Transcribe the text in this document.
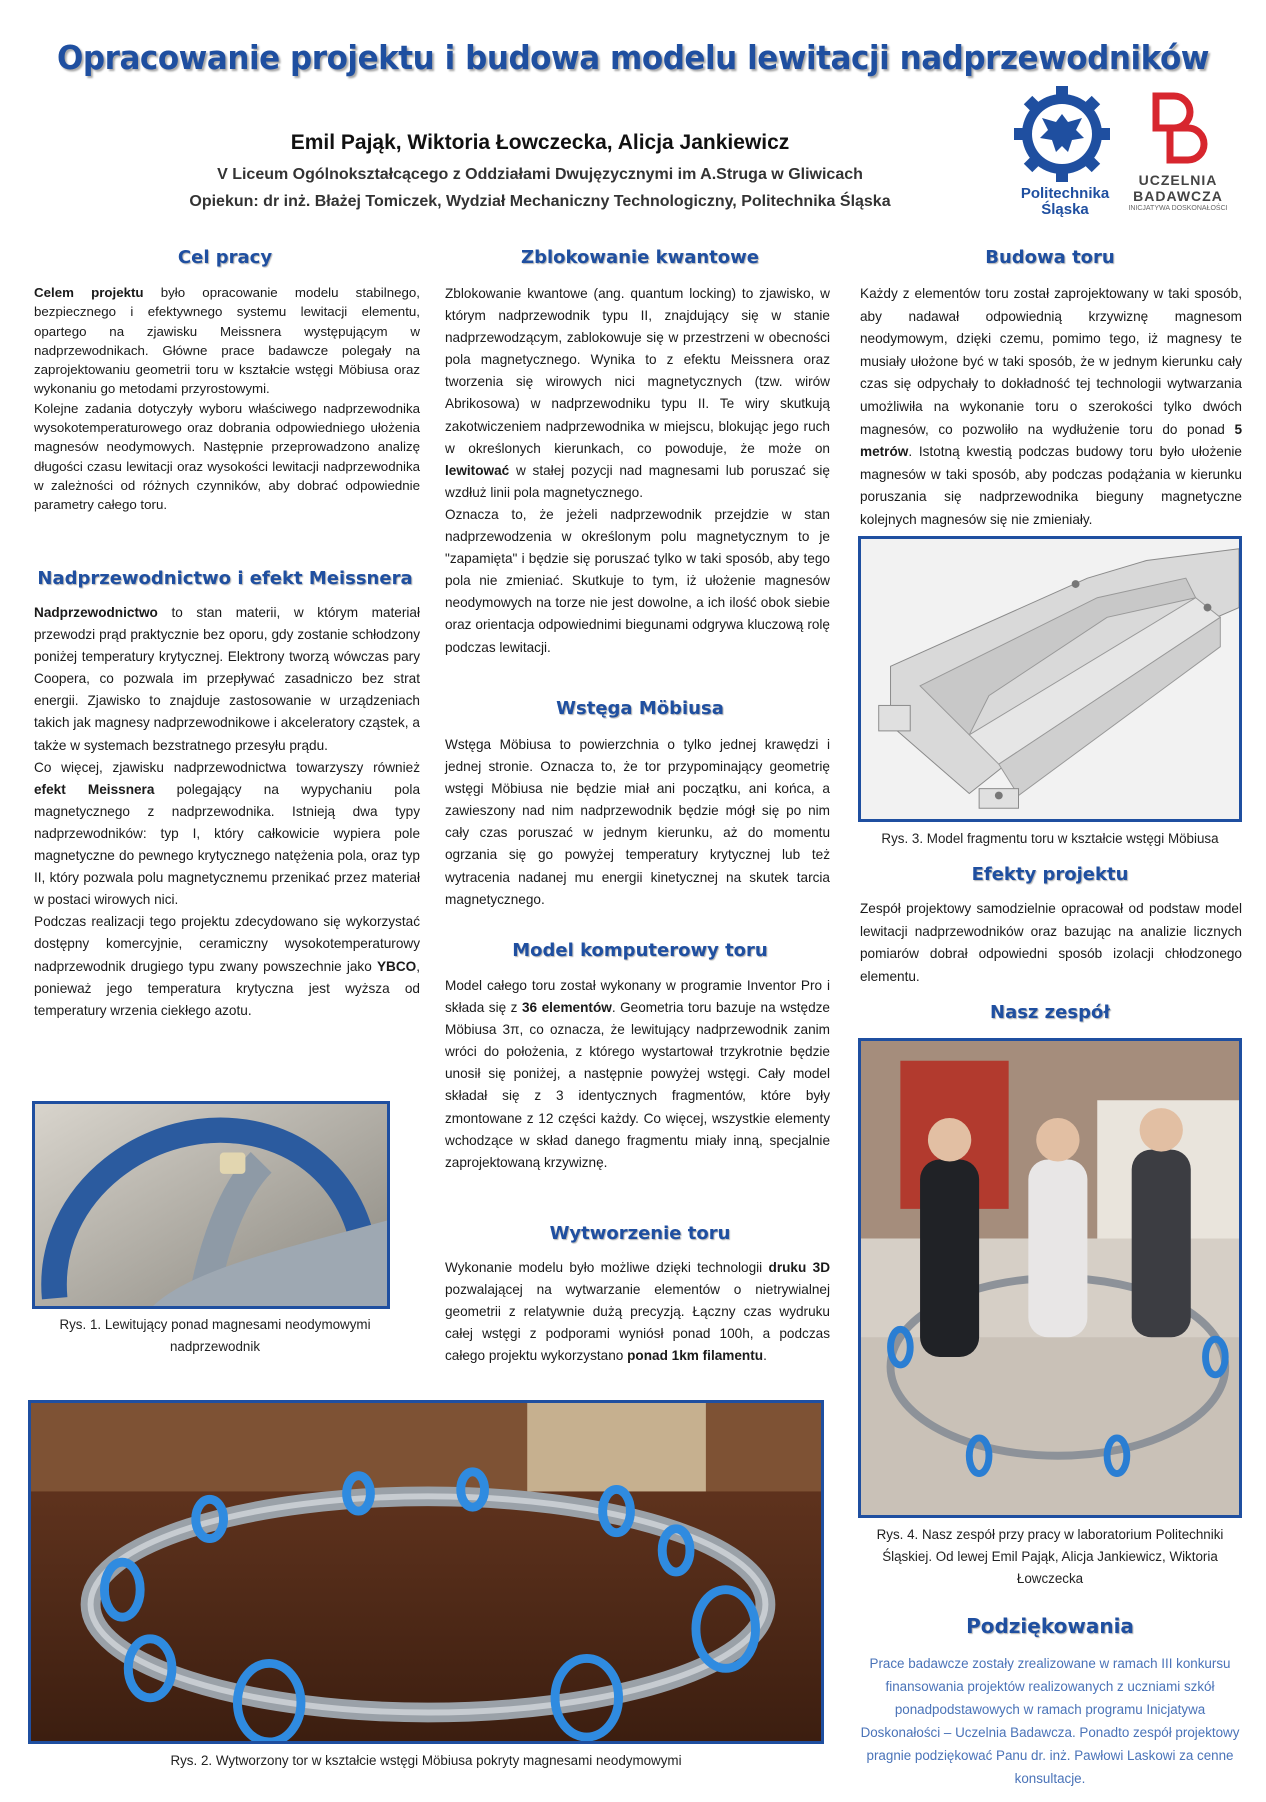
Opracowanie projektu i budowa modelu lewitacji nadprzewodników
Emil Pająk, Wiktoria Łowczecka, Alicja Jankiewicz
V Liceum Ogólnokształcącego z Oddziałami Dwujęzycznymi im A.Struga w Gliwicach
Opiekun: dr inż. Błażej Tomiczek, Wydział Mechaniczny Technologiczny, Politechnika Śląska	Politechnika
Śląska
UCZELNIA
BADAWCZA
INICJATYWA DOSKONAŁOŚCI
Cel pracy

Celem projektu było opracowanie modelu stabilnego, bezpiecznego i efektywnego systemu lewitacji elementu, opartego na zjawisku Meissnera występującym w nadprzewodnikach. Główne prace badawcze polegały na zaprojektowaniu geometrii toru w kształcie wstęgi Möbiusa oraz wykonaniu go metodami przyrostowymi.

Kolejne zadania dotyczyły wyboru właściwego nadprzewodnika wysokotemperaturowego oraz dobrania odpowiedniego ułożenia magnesów neodymowych. Następnie przeprowadzono analizę długości czasu lewitacji oraz wysokości lewitacji nadprzewodnika w zależności od różnych czynników, aby dobrać odpowiednie parametry całego toru.

Nadprzewodnictwo i efekt Meissnera

Nadprzewodnictwo to stan materii, w którym materiał przewodzi prąd praktycznie bez oporu, gdy zostanie schłodzony poniżej temperatury krytycznej. Elektrony tworzą wówczas pary Coopera, co pozwala im przepływać zasadniczo bez strat energii. Zjawisko to znajduje zastosowanie w urządzeniach takich jak magnesy nadprzewodnikowe i akceleratory cząstek, a także w systemach bezstratnego przesyłu prądu.

Co więcej, zjawisku nadprzewodnictwa towarzyszy również efekt Meissnera polegający na wypychaniu pola magnetycznego z nadprzewodnika. Istnieją dwa typy nadprzewodników: typ I, który całkowicie wypiera pole magnetyczne do pewnego krytycznego natężenia pola, oraz typ II, który pozwala polu magnetycznemu przenikać przez materiał w postaci wirowych nici.

Podczas realizacji tego projektu zdecydowano się wykorzystać dostępny komercyjnie, ceramiczny wysokotemperaturowy nadprzewodnik drugiego typu zwany powszechnie jako YBCO, ponieważ jego temperatura krytyczna jest wyższa od temperatury wrzenia ciekłego azotu.

Rys. 1. Lewitujący ponad magnesami neodymowymi nadprzewodnik
Zblokowanie kwantowe

Zblokowanie kwantowe (ang. quantum locking) to zjawisko, w którym nadprzewodnik typu II, znajdujący się w stanie nadprzewodzącym, zablokowuje się w przestrzeni w obecności pola magnetycznego. Wynika to z efektu Meissnera oraz tworzenia się wirowych nici magnetycznych (tzw. wirów Abrikosowa) w nadprzewodniku typu II. Te wiry skutkują zakotwiczeniem nadprzewodnika w miejscu, blokując jego ruch w określonych kierunkach, co powoduje, że może on lewitować w stałej pozycji nad magnesami lub poruszać się wzdłuż linii pola magnetycznego.

Oznacza to, że jeżeli nadprzewodnik przejdzie w stan nadprzewodzenia w określonym polu magnetycznym to je "zapamięta" i będzie się poruszać tylko w taki sposób, aby tego pola nie zmieniać. Skutkuje to tym, iż ułożenie magnesów neodymowych na torze nie jest dowolne, a ich ilość obok siebie oraz orientacja odpowiednimi biegunami odgrywa kluczową rolę podczas lewitacji.

Wstęga Möbiusa
Wstęga Möbiusa to powierzchnia o tylko jednej krawędzi i jednej stronie. Oznacza to, że tor przypominający geometrię wstęgi Möbiusa nie będzie miał ani początku, ani końca, a zawieszony nad nim nadprzewodnik będzie mógł się po nim cały czas poruszać w jednym kierunku, aż do momentu ogrzania się go powyżej temperatury krytycznej lub też wytracenia nadanej mu energii kinetycznej na skutek tarcia magnetycznego.
Model komputerowy toru

Model całego toru został wykonany w programie Inventor Pro i składa się z 36 elementów. Geometria toru bazuje na wstędze Möbiusa 3π, co oznacza, że lewitujący nadprzewodnik zanim wróci do położenia, z którego wystartował trzykrotnie będzie unosił się poniżej, a następnie powyżej wstęgi. Cały model składał się z 3 identycznych fragmentów, które były zmontowane z 12 części każdy. Co więcej, wszystkie elementy wchodzące w skład danego fragmentu miały inną, specjalnie zaprojektowaną krzywiznę.

Wytworzenie toru

Wykonanie modelu było możliwe dzięki technologii druku 3D pozwalającej na wytwarzanie elementów o nietrywialnej geometrii z relatywnie dużą precyzją. Łączny czas wydruku całej wstęgi z podporami wyniósł ponad 100h, a podczas całego projektu wykorzystano ponad 1km filamentu.

Budowa toru

Każdy z elementów toru został zaprojektowany w taki sposób, aby nadawał odpowiednią krzywiznę magnesom neodymowym, dzięki czemu, pomimo tego, iż magnesy te musiały ułożone być w taki sposób, że w jednym kierunku cały czas się odpychały to dokładność tej technologii wytwarzania umożliwiła na wykonanie toru o szerokości tylko dwóch magnesów, co pozwoliło na wydłużenie toru do ponad 5 metrów. Istotną kwestią podczas budowy toru było ułożenie magnesów w taki sposób, aby podczas podążania w kierunku poruszania się nadprzewodnika bieguny magnetyczne kolejnych magnesów się nie zmieniały.

Rys. 3. Model fragmentu toru w kształcie wstęgi Möbiusa
Efekty projektu
Zespół projektowy samodzielnie opracował od podstaw model lewitacji nadprzewodników oraz bazując na analizie licznych pomiarów dobrał odpowiedni sposób izolacji chłodzonego elementu.
Nasz zespół
Rys. 4. Nasz zespół przy pracy w laboratorium Politechniki Śląskiej. Od lewej Emil Pająk, Alicja Jankiewicz, Wiktoria Łowczecka
Podziękowania
Prace badawcze zostały zrealizowane w ramach III konkursu finansowania projektów realizowanych z uczniami szkół ponadpodstawowych w ramach programu Inicjatywa Doskonałości – Uczelnia Badawcza. Ponadto zespół projektowy pragnie podziękować Panu dr. inż. Pawłowi Laskowi za cenne konsultacje.
Rys. 2. Wytworzony tor w kształcie wstęgi Möbiusa pokryty magnesami neodymowymi
